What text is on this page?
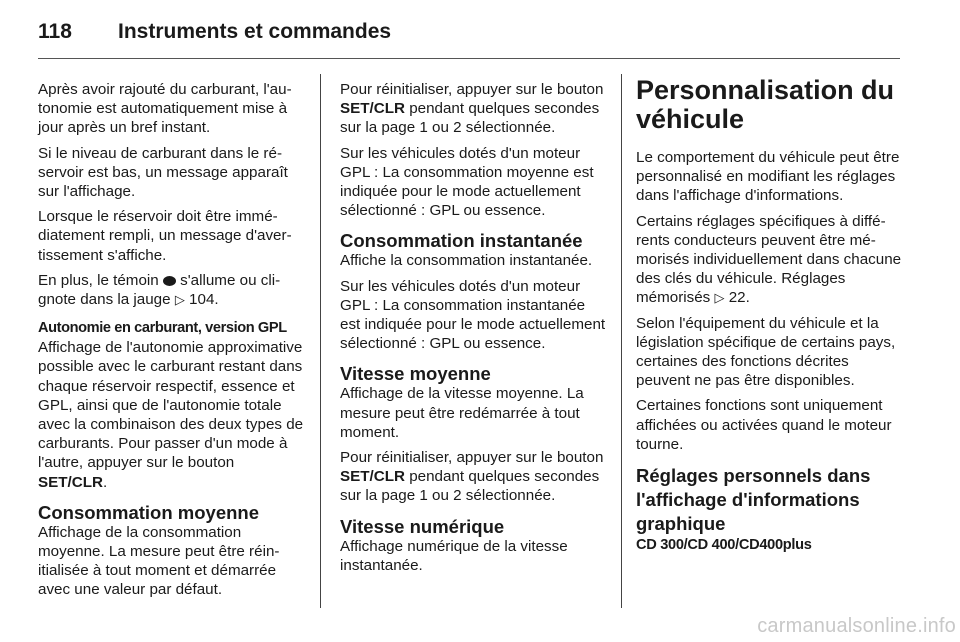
118 Instruments et commandes

Après avoir rajouté du carburant, l'autonomie est automatiquement mise à jour après un bref instant.

Si le niveau de carburant dans le réservoir est bas, un message apparaît sur l'affichage.

Lorsque le réservoir doit être immédiatement rempli, un message d'avertissement s'affiche.

En plus, le témoin  s'allume ou clignote dans la jauge ▷ 104.

Autonomie en carburant, version GPL

Affichage de l'autonomie approximative possible avec le carburant restant dans chaque réservoir respectif, essence et GPL, ainsi que de l'autonomie totale avec la combinaison des deux types de carburants. Pour passer d'un mode à l'autre, appuyer sur le bouton SET/CLR.

Consommation moyenne

Affichage de la consommation moyenne. La mesure peut être réinitialisée à tout moment et démarrée avec une valeur par défaut.

Pour réinitialiser, appuyer sur le bouton SET/CLR pendant quelques secondes sur la page 1 ou 2 sélectionnée.

Sur les véhicules dotés d'un moteur GPL : La consommation moyenne est indiquée pour le mode actuellement sélectionné : GPL ou essence.

Consommation instantanée

Affiche la consommation instantanée.

Sur les véhicules dotés d'un moteur GPL : La consommation instantanée est indiquée pour le mode actuellement sélectionné : GPL ou essence.

Vitesse moyenne

Affichage de la vitesse moyenne. La mesure peut être redémarrée à tout moment.

Pour réinitialiser, appuyer sur le bouton SET/CLR pendant quelques secondes sur la page 1 ou 2 sélectionnée.

Vitesse numérique

Affichage numérique de la vitesse instantanée.

Personnalisation du véhicule

Le comportement du véhicule peut être personnalisé en modifiant les réglages dans l'affichage d'informations.

Certains réglages spécifiques à différents conducteurs peuvent être mémorisés individuellement dans chacune des clés du véhicule. Réglages mémorisés ▷ 22.

Selon l'équipement du véhicule et la législation spécifique de certains pays, certaines des fonctions décrites peuvent ne pas être disponibles.

Certaines fonctions sont uniquement affichées ou activées quand le moteur tourne.

Réglages personnels dans l'affichage d'informations graphique
CD 300/CD 400/CD400plus
carmanualsonline.info
